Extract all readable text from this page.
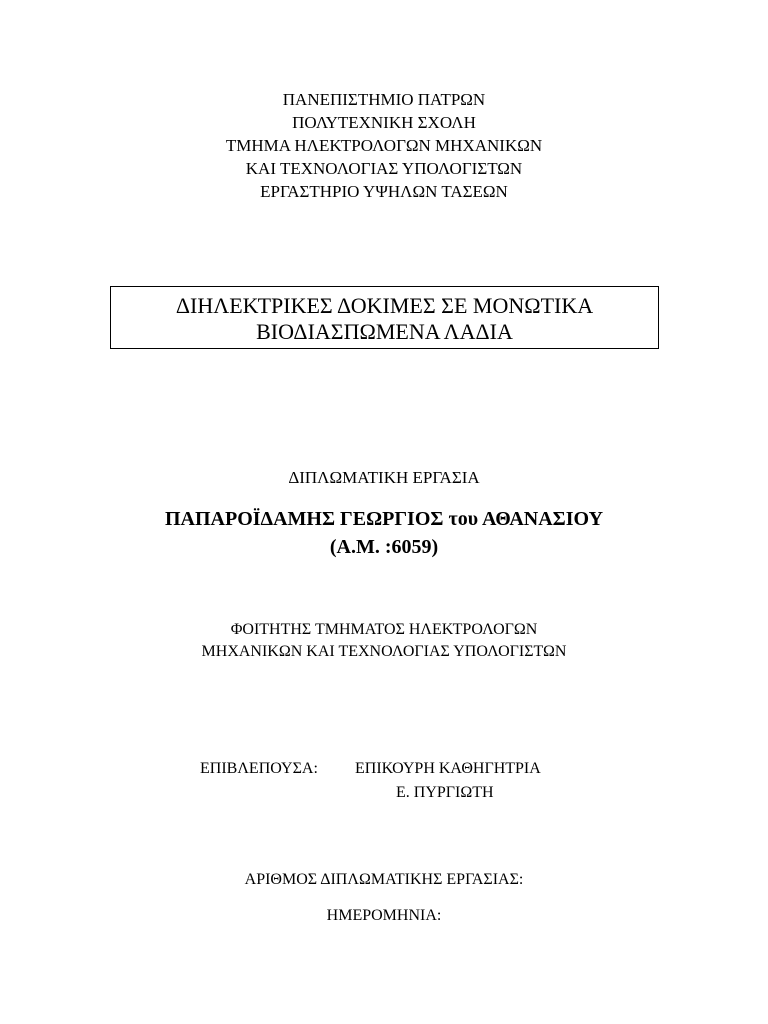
ΠΑΝΕΠΙΣΤΗΜΙΟ ΠΑΤΡΩΝ
ΠΟΛΥΤΕΧΝΙΚΗ ΣΧΟΛΗ
ΤΜΗΜΑ ΗΛΕΚΤΡΟΛΟΓΩΝ ΜΗΧΑΝΙΚΩΝ
ΚΑΙ ΤΕΧΝΟΛΟΓΙΑΣ ΥΠΟΛΟΓΙΣΤΩΝ
ΕΡΓΑΣΤΗΡΙΟ ΥΨΗΛΩΝ ΤΑΣΕΩΝ
ΔΙΗΛΕΚΤΡΙΚΕΣ ΔΟΚΙΜΕΣ ΣΕ ΜΟΝΩΤΙΚΑ
ΒΙΟΔΙΑΣΠΩΜΕΝΑ ΛΑΔΙΑ
ΔΙΠΛΩΜΑΤΙΚΗ ΕΡΓΑΣΙΑ
ΠΑΠΑΡΟΪΔΑΜΗΣ ΓΕΩΡΓΙΟΣ του ΑΘΑΝΑΣΙΟΥ
(Α.Μ. :6059)
ΦΟΙΤΗΤΗΣ ΤΜΗΜΑΤΟΣ ΗΛΕΚΤΡΟΛΟΓΩΝ
ΜΗΧΑΝΙΚΩΝ ΚΑΙ ΤΕΧΝΟΛΟΓΙΑΣ ΥΠΟΛΟΓΙΣΤΩΝ
ΕΠΙΒΛΕΠΟΥΣΑ: ΕΠΙΚΟΥΡΗ ΚΑΘΗΓΗΤΡΙΑ
Ε. ΠΥΡΓΙΩΤΗ
ΑΡΙΘΜΟΣ ΔΙΠΛΩΜΑΤΙΚΗΣ ΕΡΓΑΣΙΑΣ:
ΗΜΕΡΟΜΗΝΙΑ:
